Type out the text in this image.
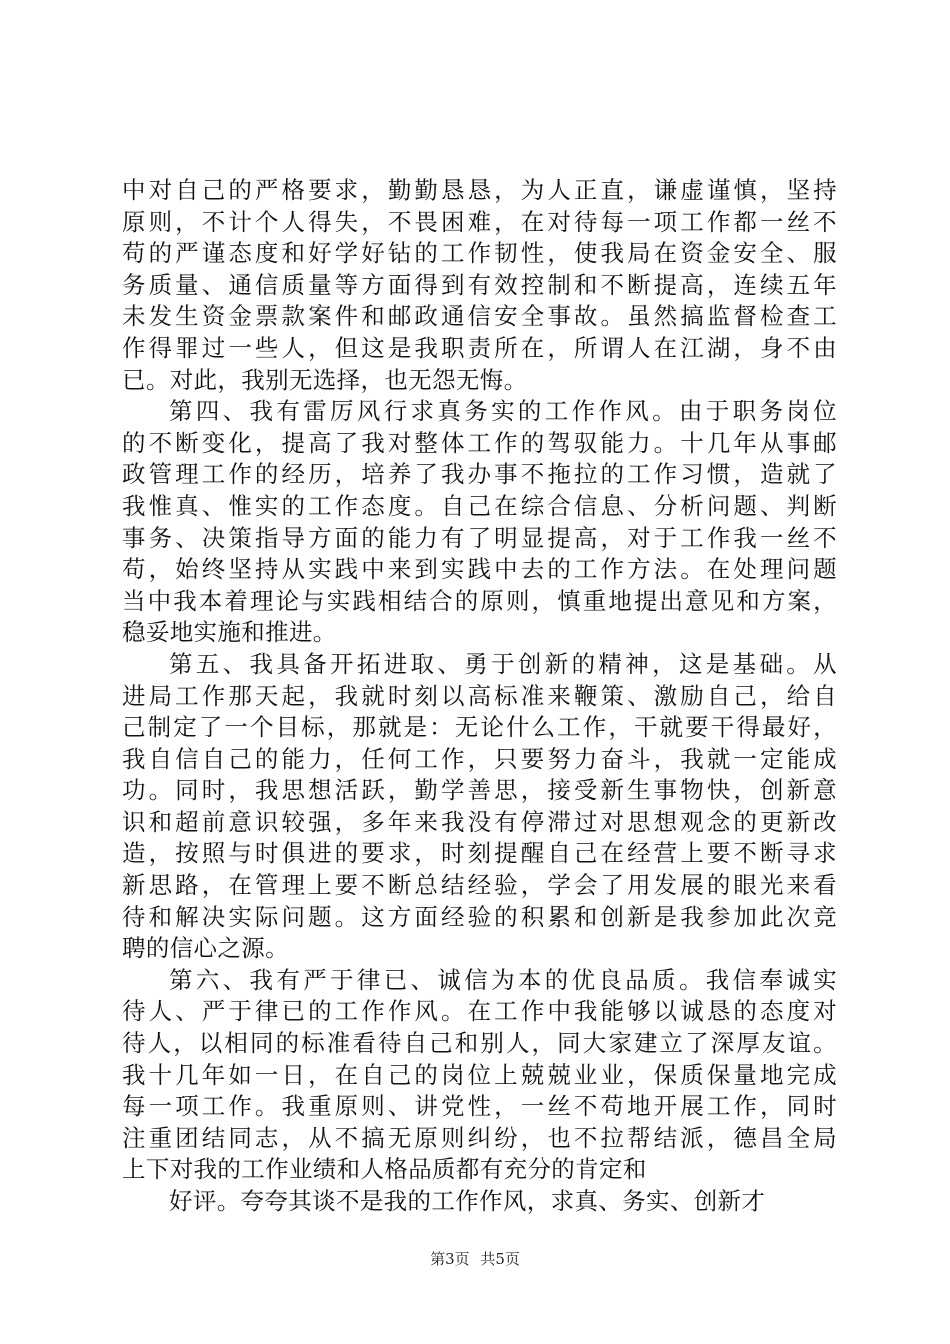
中对自己的严格要求，勤勤恳恳，为人正直，谦虚谨慎，坚持
原则，不计个人得失，不畏困难，在对待每一项工作都一丝不
苟的严谨态度和好学好钻的工作韧性，使我局在资金安全、服
务质量、通信质量等方面得到有效控制和不断提高，连续五年
未发生资金票款案件和邮政通信安全事故。虽然搞监督检查工
作得罪过一些人，但这是我职责所在，所谓人在江湖，身不由
已。对此，我别无选择，也无怨无悔。
第四、我有雷厉风行求真务实的工作作风。由于职务岗位
的不断变化，提高了我对整体工作的驾驭能力。十几年从事邮
政管理工作的经历，培养了我办事不拖拉的工作习惯，造就了
我惟真、惟实的工作态度。自己在综合信息、分析问题、判断
事务、决策指导方面的能力有了明显提高，对于工作我一丝不
苟，始终坚持从实践中来到实践中去的工作方法。在处理问题
当中我本着理论与实践相结合的原则，慎重地提出意见和方案，
稳妥地实施和推进。
第五、我具备开拓进取、勇于创新的精神，这是基础。从
进局工作那天起，我就时刻以高标准来鞭策、激励自己，给自
己制定了一个目标，那就是：无论什么工作，干就要干得最好，
我自信自己的能力，任何工作，只要努力奋斗，我就一定能成
功。同时，我思想活跃，勤学善思，接受新生事物快，创新意
识和超前意识较强，多年来我没有停滞过对思想观念的更新改
造，按照与时俱进的要求，时刻提醒自己在经营上要不断寻求
新思路，在管理上要不断总结经验，学会了用发展的眼光来看
待和解决实际问题。这方面经验的积累和创新是我参加此次竞
聘的信心之源。
第六、我有严于律已、诚信为本的优良品质。我信奉诚实
待人、严于律已的工作作风。在工作中我能够以诚恳的态度对
待人，以相同的标准看待自己和别人，同大家建立了深厚友谊。
我十几年如一日，在自己的岗位上兢兢业业，保质保量地完成
每一项工作。我重原则、讲党性，一丝不苟地开展工作，同时
注重团结同志，从不搞无原则纠纷，也不拉帮结派，德昌全局
上下对我的工作业绩和人格品质都有充分的肯定和
好评。夸夸其谈不是我的工作作风，求真、务实、创新才
第3页 共5页
